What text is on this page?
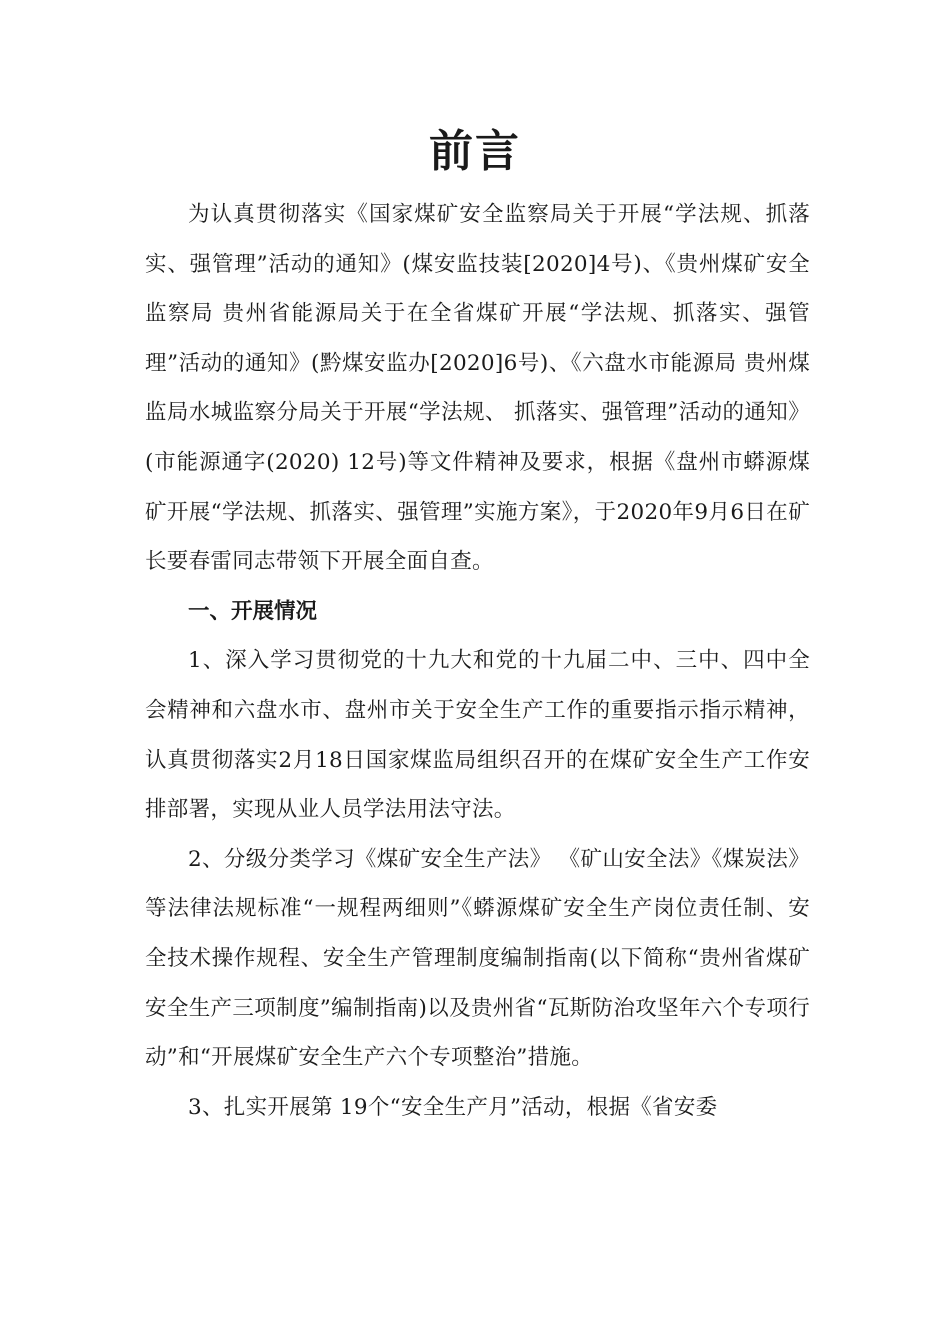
前言

为认真贯彻落实《国家煤矿安全监察局关于开展“学法规、抓落实、强管理”活动的通知》(煤安监技装[2020]4号)、《贵州煤矿安全监察局 贵州省能源局关于在全省煤矿开展“学法规、抓落实、强管理”活动的通知》(黔煤安监办[2020]6号)、《六盘水市能源局 贵州煤监局水城监察分局关于开展“学法规、 抓落实、强管理”活动的通知》(市能源通字(2020) 12号)等文件精神及要求，根据《盘州市蟒源煤矿开展“学法规、抓落实、强管理”实施方案》，于2020年9月6日在矿长要春雷同志带领下开展全面自查。

一、开展情况

1、深入学习贯彻党的十九大和党的十九届二中、三中、四中全会精神和六盘水市、盘州市关于安全生产工作的重要指示指示精神，认真贯彻落实2月18日国家煤监局组织召开的在煤矿安全生产工作安排部署，实现从业人员学法用法守法。

2、分级分类学习《煤矿安全生产法》 《矿山安全法》《煤炭法》等法律法规标准“一规程两细则”《蟒源煤矿安全生产岗位责任制、安全技术操作规程、安全生产管理制度编制指南(以下简称“贵州省煤矿安全生产三项制度”编制指南)以及贵州省“瓦斯防治攻坚年六个专项行动”和“开展煤矿安全生产六个专项整治”措施。

3、扎实开展第 19个“安全生产月”活动，根据《省安委
